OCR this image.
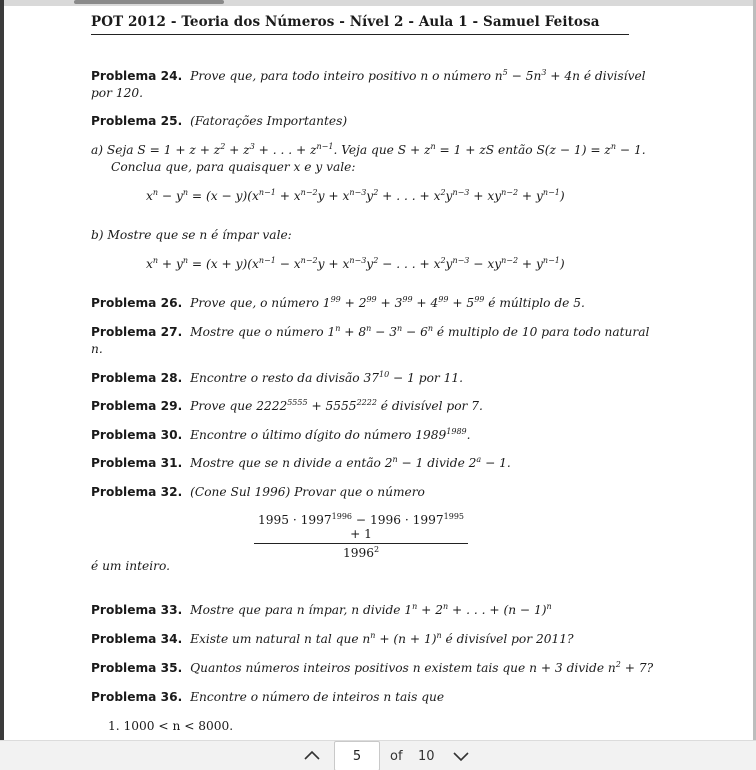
POT 2012 - Teoria dos Números - Nível 2 - Aula 1 - Samuel Feitosa
Problema 24. Prove que, para todo inteiro positivo n o número $n^5 - 5n^3 + 4n$ é divisível
por 120.
Problema 25. (Fatorações Importantes)
a) Seja $S = 1 + z + z^2 + z^3$ + . . . + $z^{n-1}$. Veja que $S + z^n = 1$ + zS então $S(z - 1) = z^n - 1$.
Conclua que, para quaisquer x e y vale:
$x^n - y^n = (x - y)(x^{n-1} + x^{n-2}y + x^{n-3}y^2$ + . . . + $x^2y^{n-3} + xy^{n-2} + y^{n-1}$)
b) Mostre que se n é ímpar vale:
$x^n + y^n = (x + y)(x^{n-1} - x^{n-2}y + x^{n-3}y^2$ − . . . + $x^2y^{n-3} - xy^{n-2} + y^{n-1}$)
Problema 26. Prove que, o número $1^{99} + 2^{99} + 3^{99} + 4^{99} + 5^{99}$ é múltiplo de 5.
Problema 27. Mostre que o número $1^n + 8^n - 3^n - 6^n$ é multiplo de 10 para todo natural
n.
Problema 28. Encontre o resto da divisão $37^{10} - 1$ por 11.
Problema 29. Prove que $2222^{5555} + 5555^{2222}$ é divisível por 7.
Problema 30. Encontre o último dígito do número $1989^{1989}$.
Problema 31. Mostre que se n divide a então $2^n - 1$ divide $2^a - 1$.
Problema 32. (Cone Sul 1996) Provar que o número
$\frac{1995 \cdot 1997^{1996} - 1996 \cdot 1997^{1995} + 1}{1996^2}$
é um inteiro.
Problema 33. Mostre que para n ímpar, n divide $1^n + 2^n$ + . . . + $(n - 1)^n$
Problema 34. Existe um natural n tal que $n^n + (n + 1)^n$ é divisível por 2011?
Problema 35. Quantos números inteiros positivos n existem tais que n + 3 divide $n^2 + 7$?
Problema 36. Encontre o número de inteiros n tais que
1. 1000 < n < 8000.
5
of 10
